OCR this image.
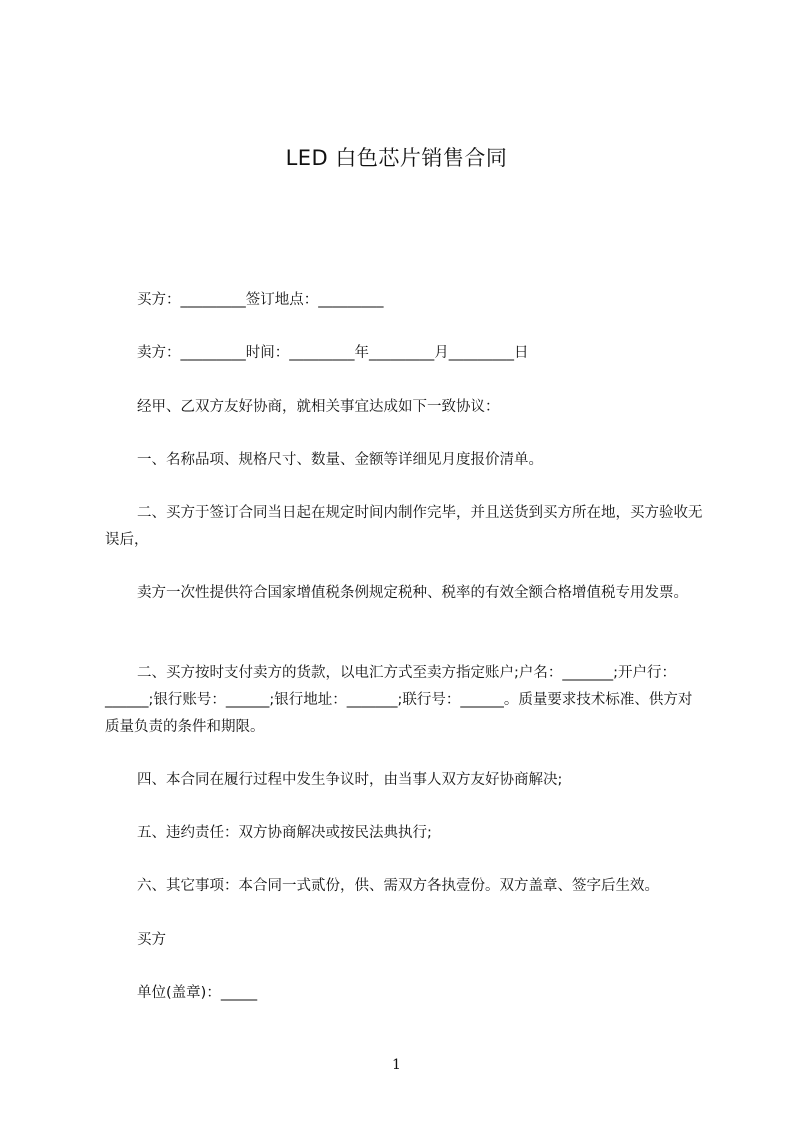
LED 白色芯片销售合同

买方：_________签订地点：_________

卖方：_________时间：_________年_________月_________日

经甲、乙双方友好协商，就相关事宜达成如下一致协议：

一、名称品项、规格尺寸、数量、金额等详细见月度报价清单。

二、买方于签订合同当日起在规定时间内制作完毕，并且送货到买方所在地，买方验收无误后，

卖方一次性提供符合国家增值税条例规定税种、税率的有效全额合格增值税专用发票。

二、买方按时支付卖方的货款，以电汇方式至卖方指定账户;户名：_______;开户行：______;银行账号：______;银行地址：_______;联行号：______。质量要求技术标准、供方对质量负责的条件和期限。

四、本合同在履行过程中发生争议时，由当事人双方友好协商解决;

五、违约责任：双方协商解决或按民法典执行;

六、其它事项：本合同一式贰份，供、需双方各执壹份。双方盖章、签字后生效。

买方

单位(盖章)：_____

1
